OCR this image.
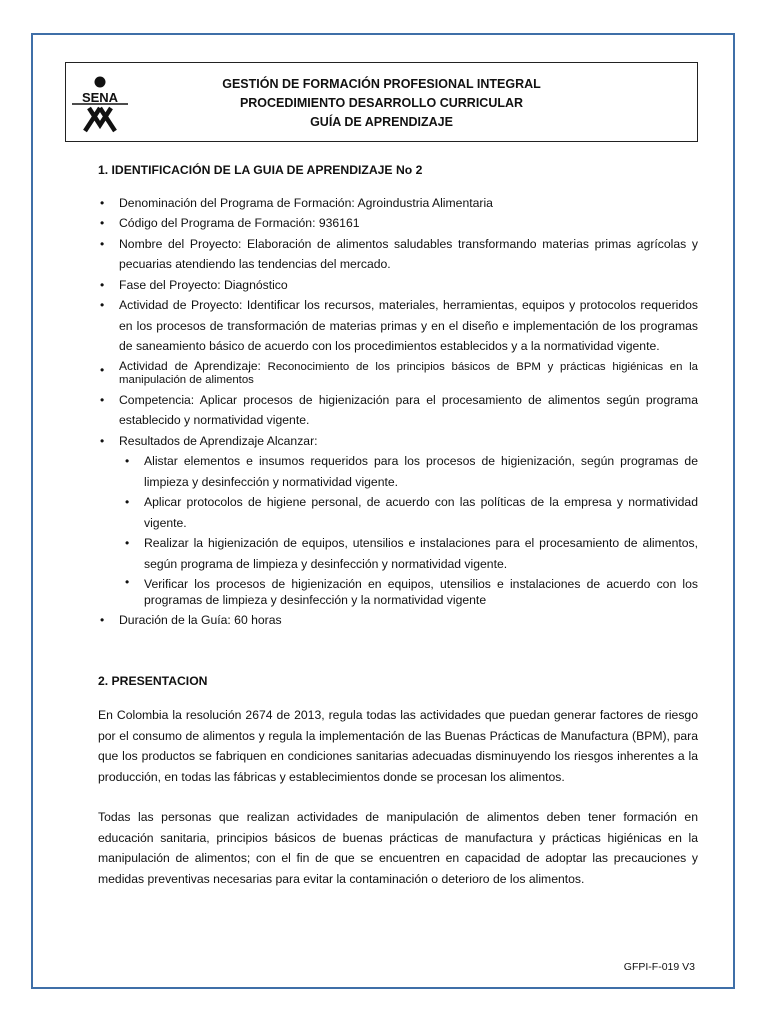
SENA
GESTIÓN DE FORMACIÓN PROFESIONAL INTEGRAL
PROCEDIMIENTO DESARROLLO CURRICULAR
GUÍA DE APRENDIZAJE
1. IDENTIFICACIÓN DE LA GUIA DE APRENDIZAJE No 2
• Denominación del Programa de Formación: Agroindustria Alimentaria
• Código del Programa de Formación: 936161
• Nombre del Proyecto: Elaboración de alimentos saludables transformando materias primas agrícolas y pecuarias atendiendo las tendencias del mercado.
• Fase del Proyecto: Diagnóstico
• Actividad de Proyecto: Identificar los recursos, materiales, herramientas, equipos y protocolos requeridos en los procesos de transformación de materias primas y en el diseño e implementación de los programas de saneamiento básico de acuerdo con los procedimientos establecidos y a la normatividad vigente.
• Actividad de Aprendizaje: Reconocimiento de los principios básicos de BPM y prácticas higiénicas en la manipulación de alimentos
• Competencia: Aplicar procesos de higienización para el procesamiento de alimentos según programa establecido y normatividad vigente.
• Resultados de Aprendizaje Alcanzar:
• Alistar elementos e insumos requeridos para los procesos de higienización, según programas de limpieza y desinfección y normatividad vigente.
• Aplicar protocolos de higiene personal, de acuerdo con las políticas de la empresa y normatividad vigente.
• Realizar la higienización de equipos, utensilios e instalaciones para el procesamiento de alimentos, según programa de limpieza y desinfección y normatividad vigente.
• Verificar los procesos de higienización en equipos, utensilios e instalaciones de acuerdo con los programas de limpieza y desinfección y la normatividad vigente
• Duración de la Guía: 60 horas
2. PRESENTACION

En Colombia la resolución 2674 de 2013, regula todas las actividades que puedan generar factores de riesgo por el consumo de alimentos y regula la implementación de las Buenas Prácticas de Manufactura (BPM), para que los productos se fabriquen en condiciones sanitarias adecuadas disminuyendo los riesgos inherentes a la producción, en todas las fábricas y establecimientos donde se procesan los alimentos.

Todas las personas que realizan actividades de manipulación de alimentos deben tener formación en educación sanitaria, principios básicos de buenas prácticas de manufactura y prácticas higiénicas en la manipulación de alimentos; con el fin de que se encuentren en capacidad de adoptar las precauciones y medidas preventivas necesarias para evitar la contaminación o deterioro de los alimentos.

GFPI-F-019 V3
